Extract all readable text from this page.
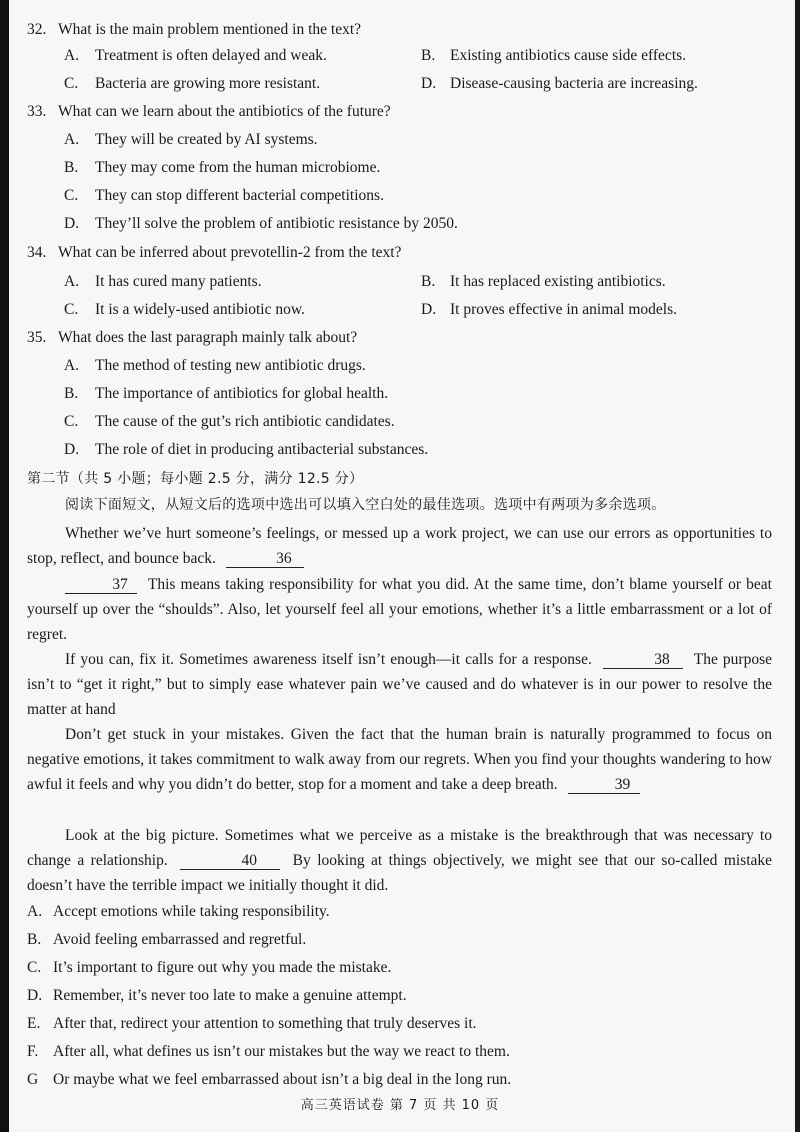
32. What is the main problem mentioned in the text?
A. Treatment is often delayed and weak.	B. Existing antibiotics cause side effects.
C. Bacteria are growing more resistant.	D. Disease-causing bacteria are increasing.
33. What can we learn about the antibiotics of the future?
A. They will be created by AI systems.
B. They may come from the human microbiome.
C. They can stop different bacterial competitions.
D. They’ll solve the problem of antibiotic resistance by 2050.
34. What can be inferred about prevotellin-2 from the text?
A. It has cured many patients.	B. It has replaced existing antibiotics.
C. It is a widely-used antibiotic now.	D. It proves effective in animal models.
35. What does the last paragraph mainly talk about?
A. The method of testing new antibiotic drugs.
B. The importance of antibiotics for global health.
C. The cause of the gut’s rich antibiotic candidates.
D. The role of diet in producing antibacterial substances.
第二节（共 5 小题；每小题 2.5 分，满分 12.5 分）
阅读下面短文，从短文后的选项中选出可以填入空白处的最佳选项。选项中有两项为多余选项。
Whether we’ve hurt someone’s feelings, or messed up a work project, we can use our errors as opportunities to stop, reflect, and bounce back.	36
37 This means taking responsibility for what you did. At the same time, don’t blame yourself or beat yourself up over the “shoulds”. Also, let yourself feel all your emotions, whether it’s a little embarrassment or a lot of regret.
If you can, fix it. Sometimes awareness itself isn’t enough—it calls for a response.	38 The purpose isn’t to “get it right,” but to simply ease whatever pain we’ve caused and do whatever is in our power to resolve the matter at hand
Don’t get stuck in your mistakes. Given the fact that the human brain is naturally programmed to focus on negative emotions, it takes commitment to walk away from our regrets. When you find your thoughts wandering to how awful it feels and why you didn’t do better, stop for a moment and take a deep breath.	39
Look at the big picture. Sometimes what we perceive as a mistake is the breakthrough that was necessary to change a relationship.	40 By looking at things objectively, we might see that our so-called mistake doesn’t have the terrible impact we initially thought it did.
A. Accept emotions while taking responsibility.
B. Avoid feeling embarrassed and regretful.
C. It’s important to figure out why you made the mistake.
D. Remember, it’s never too late to make a genuine attempt.
E. After that, redirect your attention to something that truly deserves it.
F. After all, what defines us isn’t our mistakes but the way we react to them.
G Or maybe what we feel embarrassed about isn’t a big deal in the long run.
高三英语试卷 第 7 页 共 10 页
